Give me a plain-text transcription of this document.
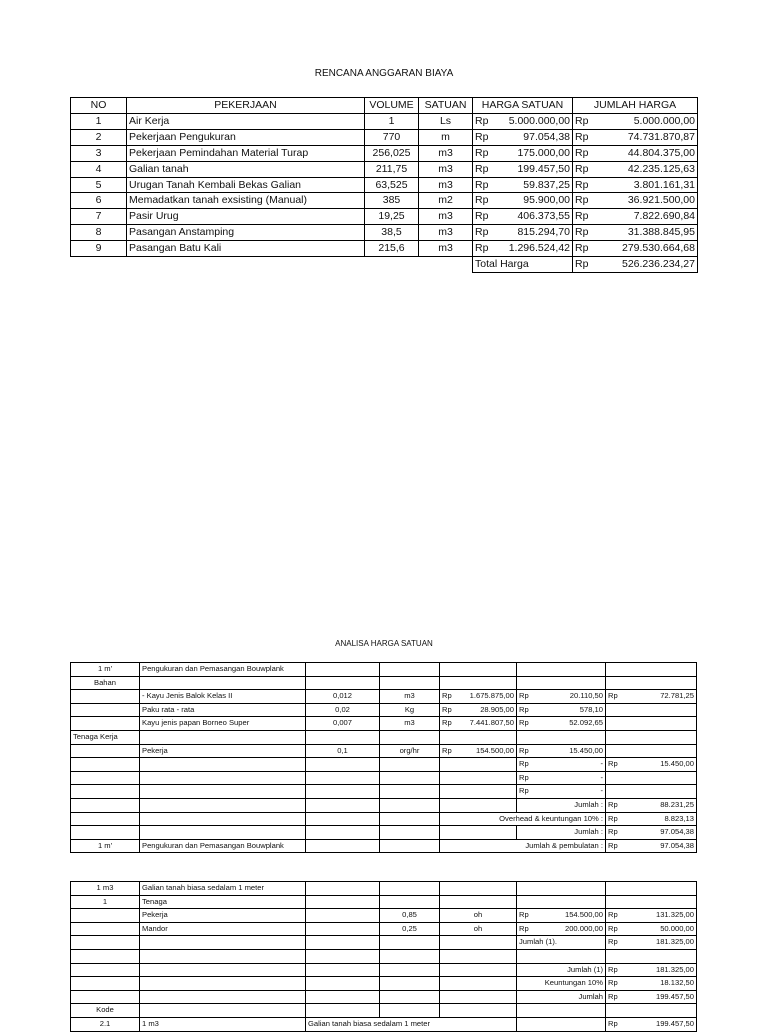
RENCANA ANGGARAN BIAYA
NO	PEKERJAAN	VOLUME	SATUAN	HARGA SATUAN	JUMLAH HARGA
1	Air Kerja	1	Ls	Rp 5.000.000,00	Rp 5.000.000,00

2	Pekerjaan Pengukuran	770	m	Rp 97.054,38	Rp 74.731.870,87

3	Pekerjaan Pemindahan Material Turap	256,025	m3	Rp 175.000,00	Rp 44.804.375,00

4	Galian tanah	211,75	m3	Rp 199.457,50	Rp 42.235.125,63

5	Urugan Tanah Kembali Bekas Galian	63,525	m3	Rp 59.837,25	Rp 3.801.161,31

6	Memadatkan tanah exsisting (Manual)	385	m2	Rp 95.900,00	Rp 36.921.500,00

7	Pasir Urug	19,25	m3	Rp 406.373,55	Rp 7.822.690,84

8	Pasangan Anstamping	38,5	m3	Rp 815.294,70	Rp 31.388.845,95

9	Pasangan Batu Kali	215,6	m3	Rp 1.296.524,42	Rp 279.530.664,68

				Total Harga	Rp 526.236.234,27
ANALISA HARGA SATUAN
1 m'	Pengukuran dan Pemasangan Bouwplank					
Bahan						
	- Kayu Jenis Balok Kelas II	0,012	m3	Rp 1.675.875,00	Rp 20.110,50	Rp 72.781,25

	Paku rata - rata	0,02	Kg	Rp 28.905,00	Rp 578,10	

	Kayu jenis papan Borneo Super	0,007	m3	Rp 7.441.807,50	Rp 52.092,65	

Tenaga Kerja						
	Pekerja	0,1	org/hr	Rp 154.500,00	Rp 15.450,00	

					Rp -	Rp 15.450,00

					Rp -	

					Rp -	

					Jumlah :	Rp 88.231,25

				Overhead & keuntungan 10% :		Rp 8.823,13

					Jumlah :	Rp 97.054,38

1 m'	Pengukuran dan Pemasangan Bouwplank			Jumlah & pembulatan :		Rp 97.054,38
1 m3	Galian tanah biasa sedalam 1 meter					
1	Tenaga					
	Pekerja		0,85	oh	Rp 154.500,00	Rp 131.325,00

	Mandor		0,25	oh	Rp 200.000,00	Rp 50.000,00

					Jumlah (1).	Rp 181.325,00

					Jumlah (1)	Rp 181.325,00

					Keuntungan 10%	Rp 18.132,50

					Jumlah	Rp 199.457,50

Kode						
2.1	1 m3	Galian tanah biasa sedalam 1 meter				Rp 199.457,50
